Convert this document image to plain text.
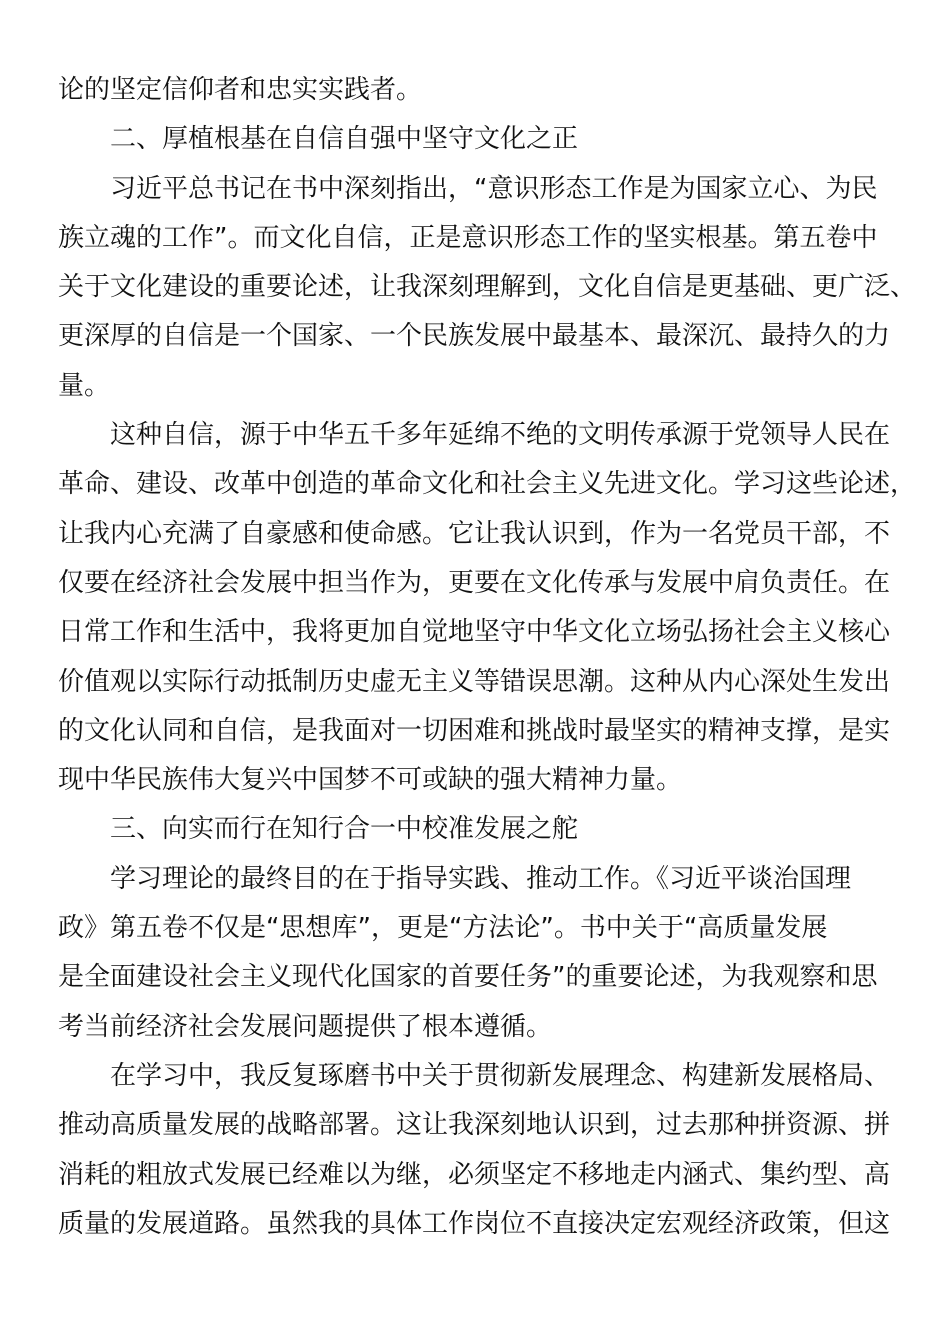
论的坚定信仰者和忠实实践者。

二、厚植根基在自信自强中坚守文化之正

习近平总书记在书中深刻指出，“意识形态工作是为国家立心、为民
族立魂的工作”。而文化自信，正是意识形态工作的坚实根基。第五卷中
关于文化建设的重要论述，让我深刻理解到，文化自信是更基础、更广泛、
更深厚的自信是一个国家、一个民族发展中最基本、最深沉、最持久的力
量。
这种自信，源于中华五千多年延绵不绝的文明传承源于党领导人民在
革命、建设、改革中创造的革命文化和社会主义先进文化。学习这些论述，
让我内心充满了自豪感和使命感。它让我认识到，作为一名党员干部，不
仅要在经济社会发展中担当作为，更要在文化传承与发展中肩负责任。在
日常工作和生活中，我将更加自觉地坚守中华文化立场弘扬社会主义核心
价值观以实际行动抵制历史虚无主义等错误思潮。这种从内心深处生发出
的文化认同和自信，是我面对一切困难和挑战时最坚实的精神支撑，是实
现中华民族伟大复兴中国梦不可或缺的强大精神力量。

三、向实而行在知行合一中校准发展之舵

学习理论的最终目的在于指导实践、推动工作。《习近平谈治国理
政》第五卷不仅是“思想库”，更是“方法论”。书中关于“高质量发展
是全面建设社会主义现代化国家的首要任务”的重要论述，为我观察和思
考当前经济社会发展问题提供了根本遵循。
在学习中，我反复琢磨书中关于贯彻新发展理念、构建新发展格局、
推动高质量发展的战略部署。这让我深刻地认识到，过去那种拼资源、拼
消耗的粗放式发展已经难以为继，必须坚定不移地走内涵式、集约型、高
质量的发展道路。虽然我的具体工作岗位不直接决定宏观经济政策，但这
